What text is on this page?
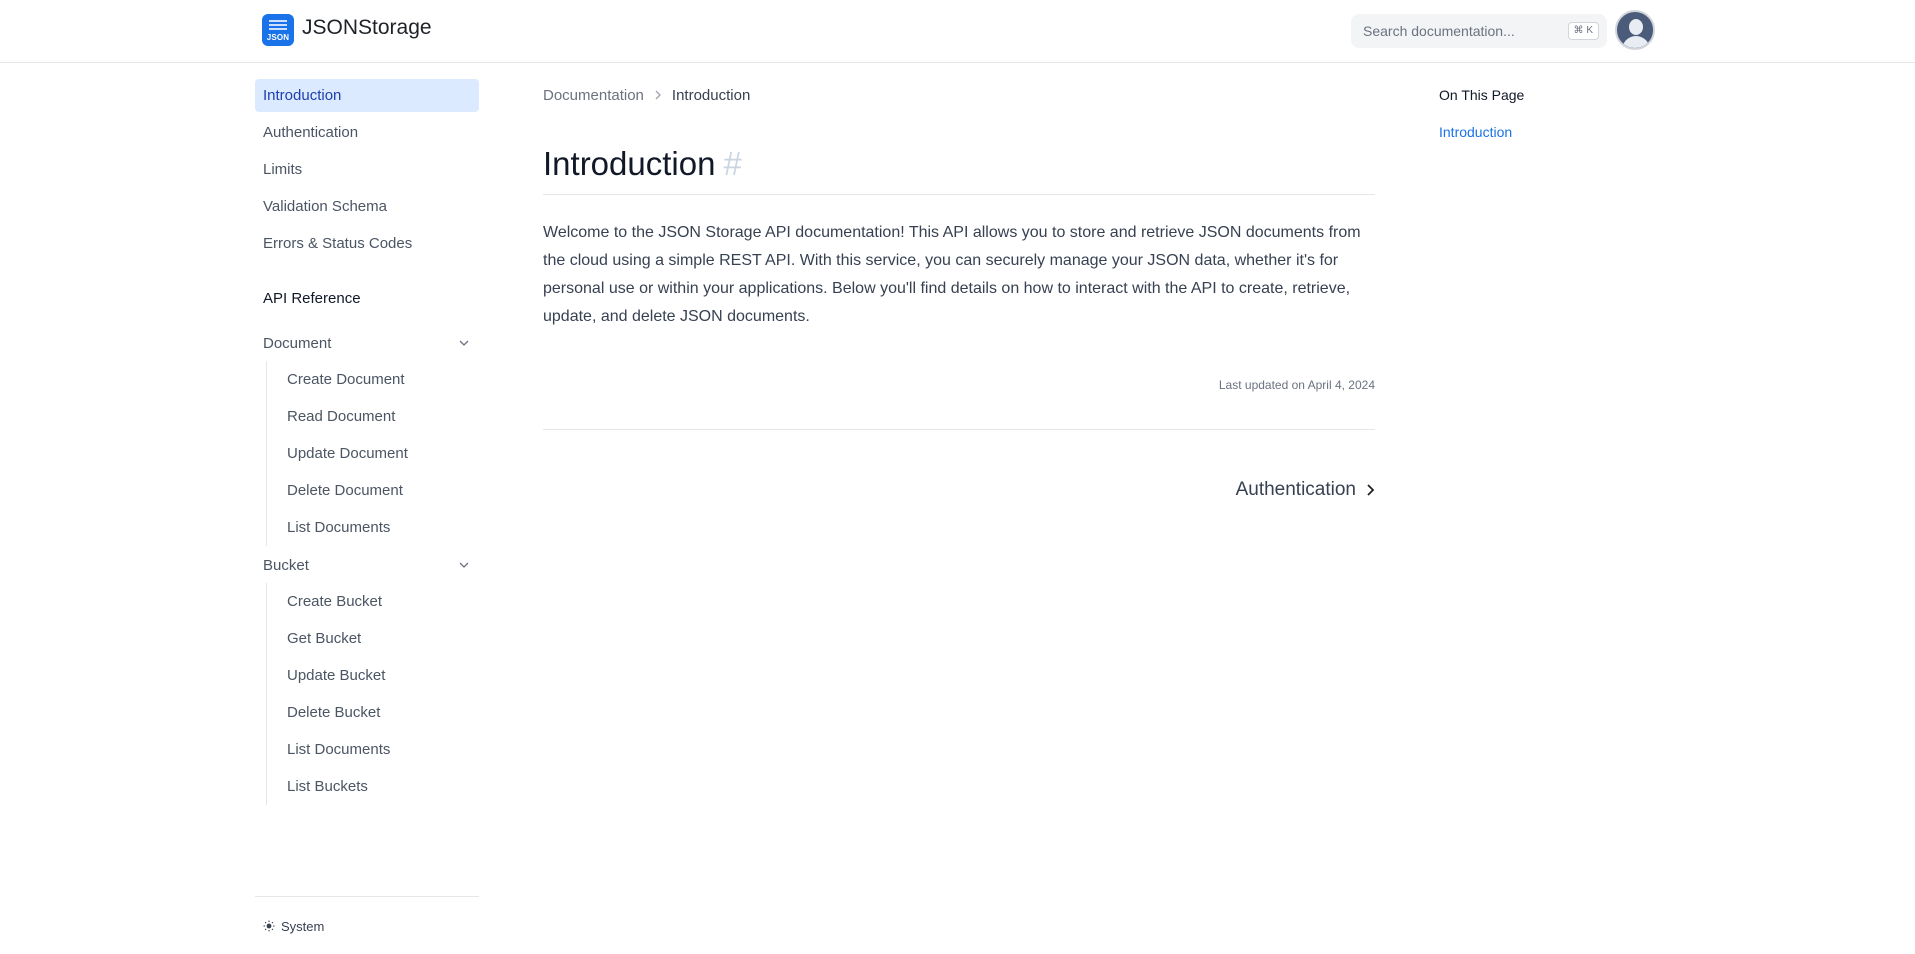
JSON JSONStorage
Search documentation...	⌘ K
Introduction
Authentication
Limits
Validation Schema
Errors & Status Codes
API Reference
Document
Create Document
Read Document
Update Document
Delete Document
List Documents
Bucket
Create Bucket
Get Bucket
Update Bucket
Delete Bucket
List Documents
List Buckets
System
Documentation Introduction
Introduction #

Welcome to the JSON Storage API documentation! This API allows you to store and retrieve JSON documents from the cloud using a simple REST API. With this service, you can securely manage your JSON data, whether it's for personal use or within your applications. Below you'll find details on how to interact with the API to create, retrieve, update, and delete JSON documents.

Last updated on April 4, 2024
Authentication
On This Page
Introduction
